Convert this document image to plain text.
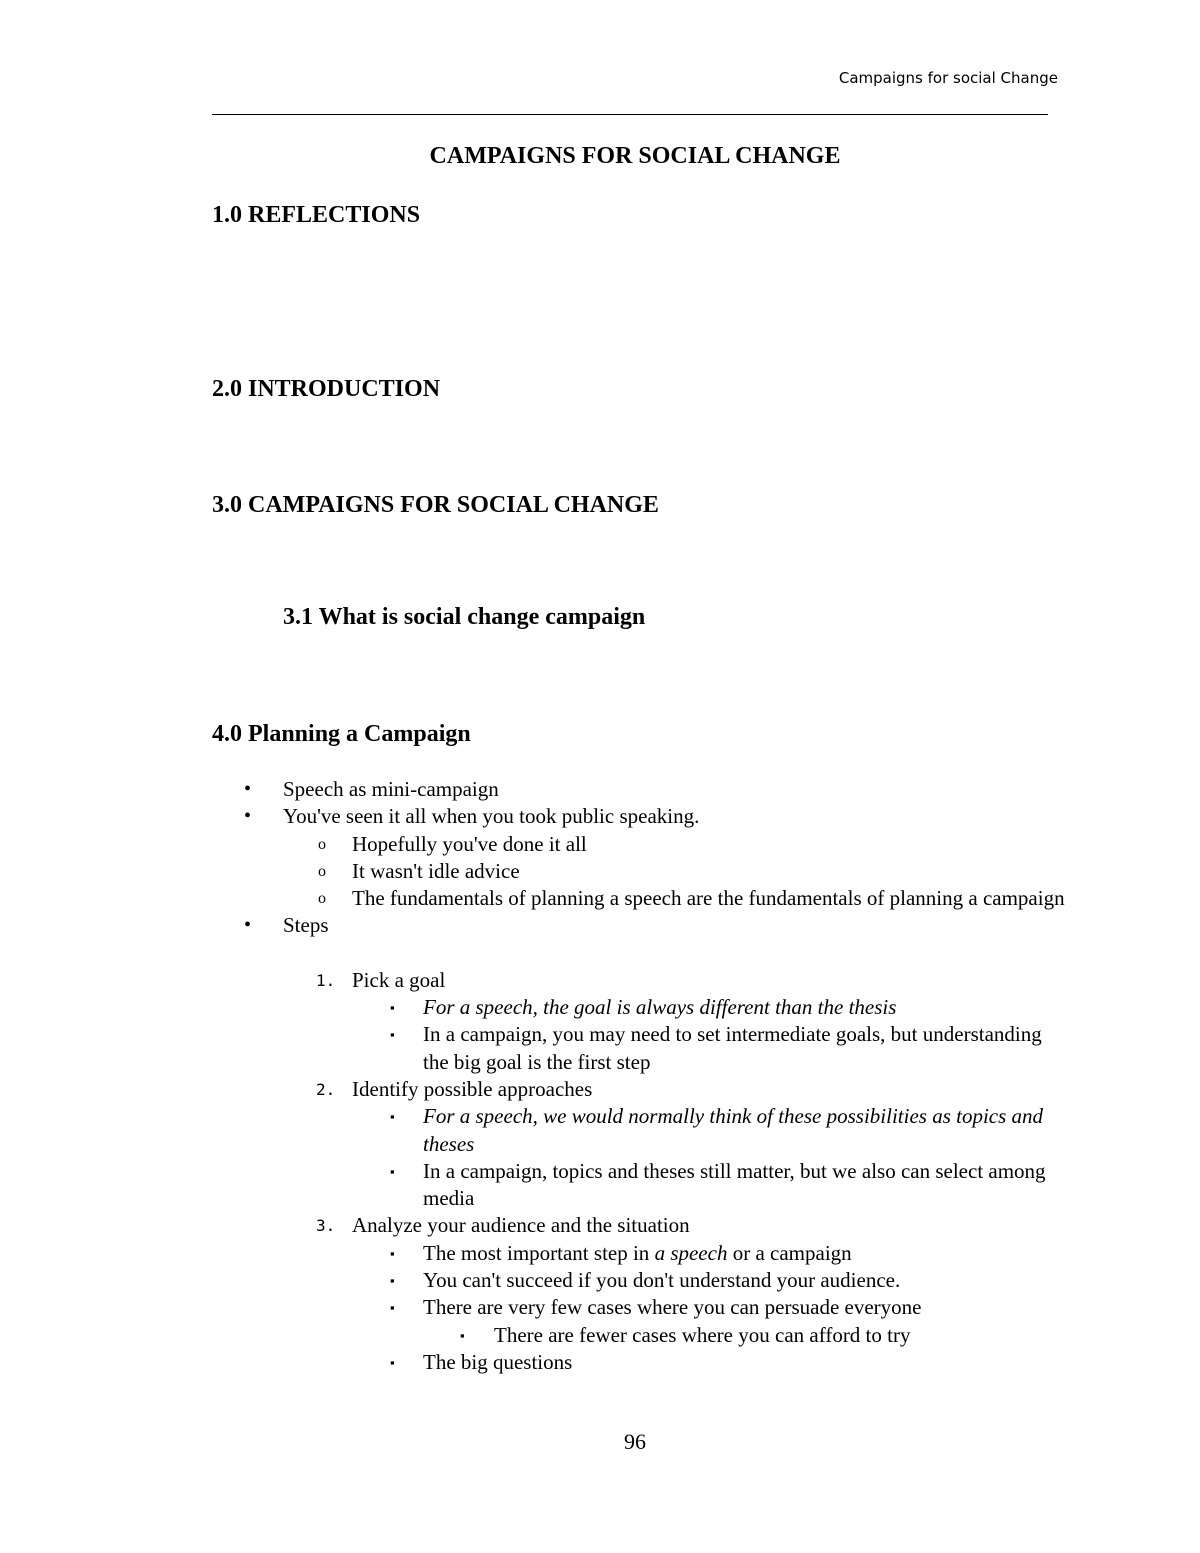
Campaigns for social Change
CAMPAIGNS FOR SOCIAL CHANGE
1.0 REFLECTIONS
2.0 INTRODUCTION
3.0 CAMPAIGNS FOR SOCIAL CHANGE
3.1 What is social change campaign
4.0 Planning a Campaign
• Speech as mini-campaign
• You've seen it all when you took public speaking.
o Hopefully you've done it all
o It wasn't idle advice
o The fundamentals of planning a speech are the fundamentals of planning a campaign
• Steps
1. Pick a goal
▪ For a speech, the goal is always different than the thesis
▪ In a campaign, you may need to set intermediate goals, but understanding the big goal is the first step
2. Identify possible approaches
▪ For a speech, we would normally think of these possibilities as topics and theses
▪ In a campaign, topics and theses still matter, but we also can select among media
3. Analyze your audience and the situation
▪ The most important step in a speech or a campaign
▪ You can't succeed if you don't understand your audience.
▪ There are very few cases where you can persuade everyone
▪ There are fewer cases where you can afford to try
▪ The big questions
96
